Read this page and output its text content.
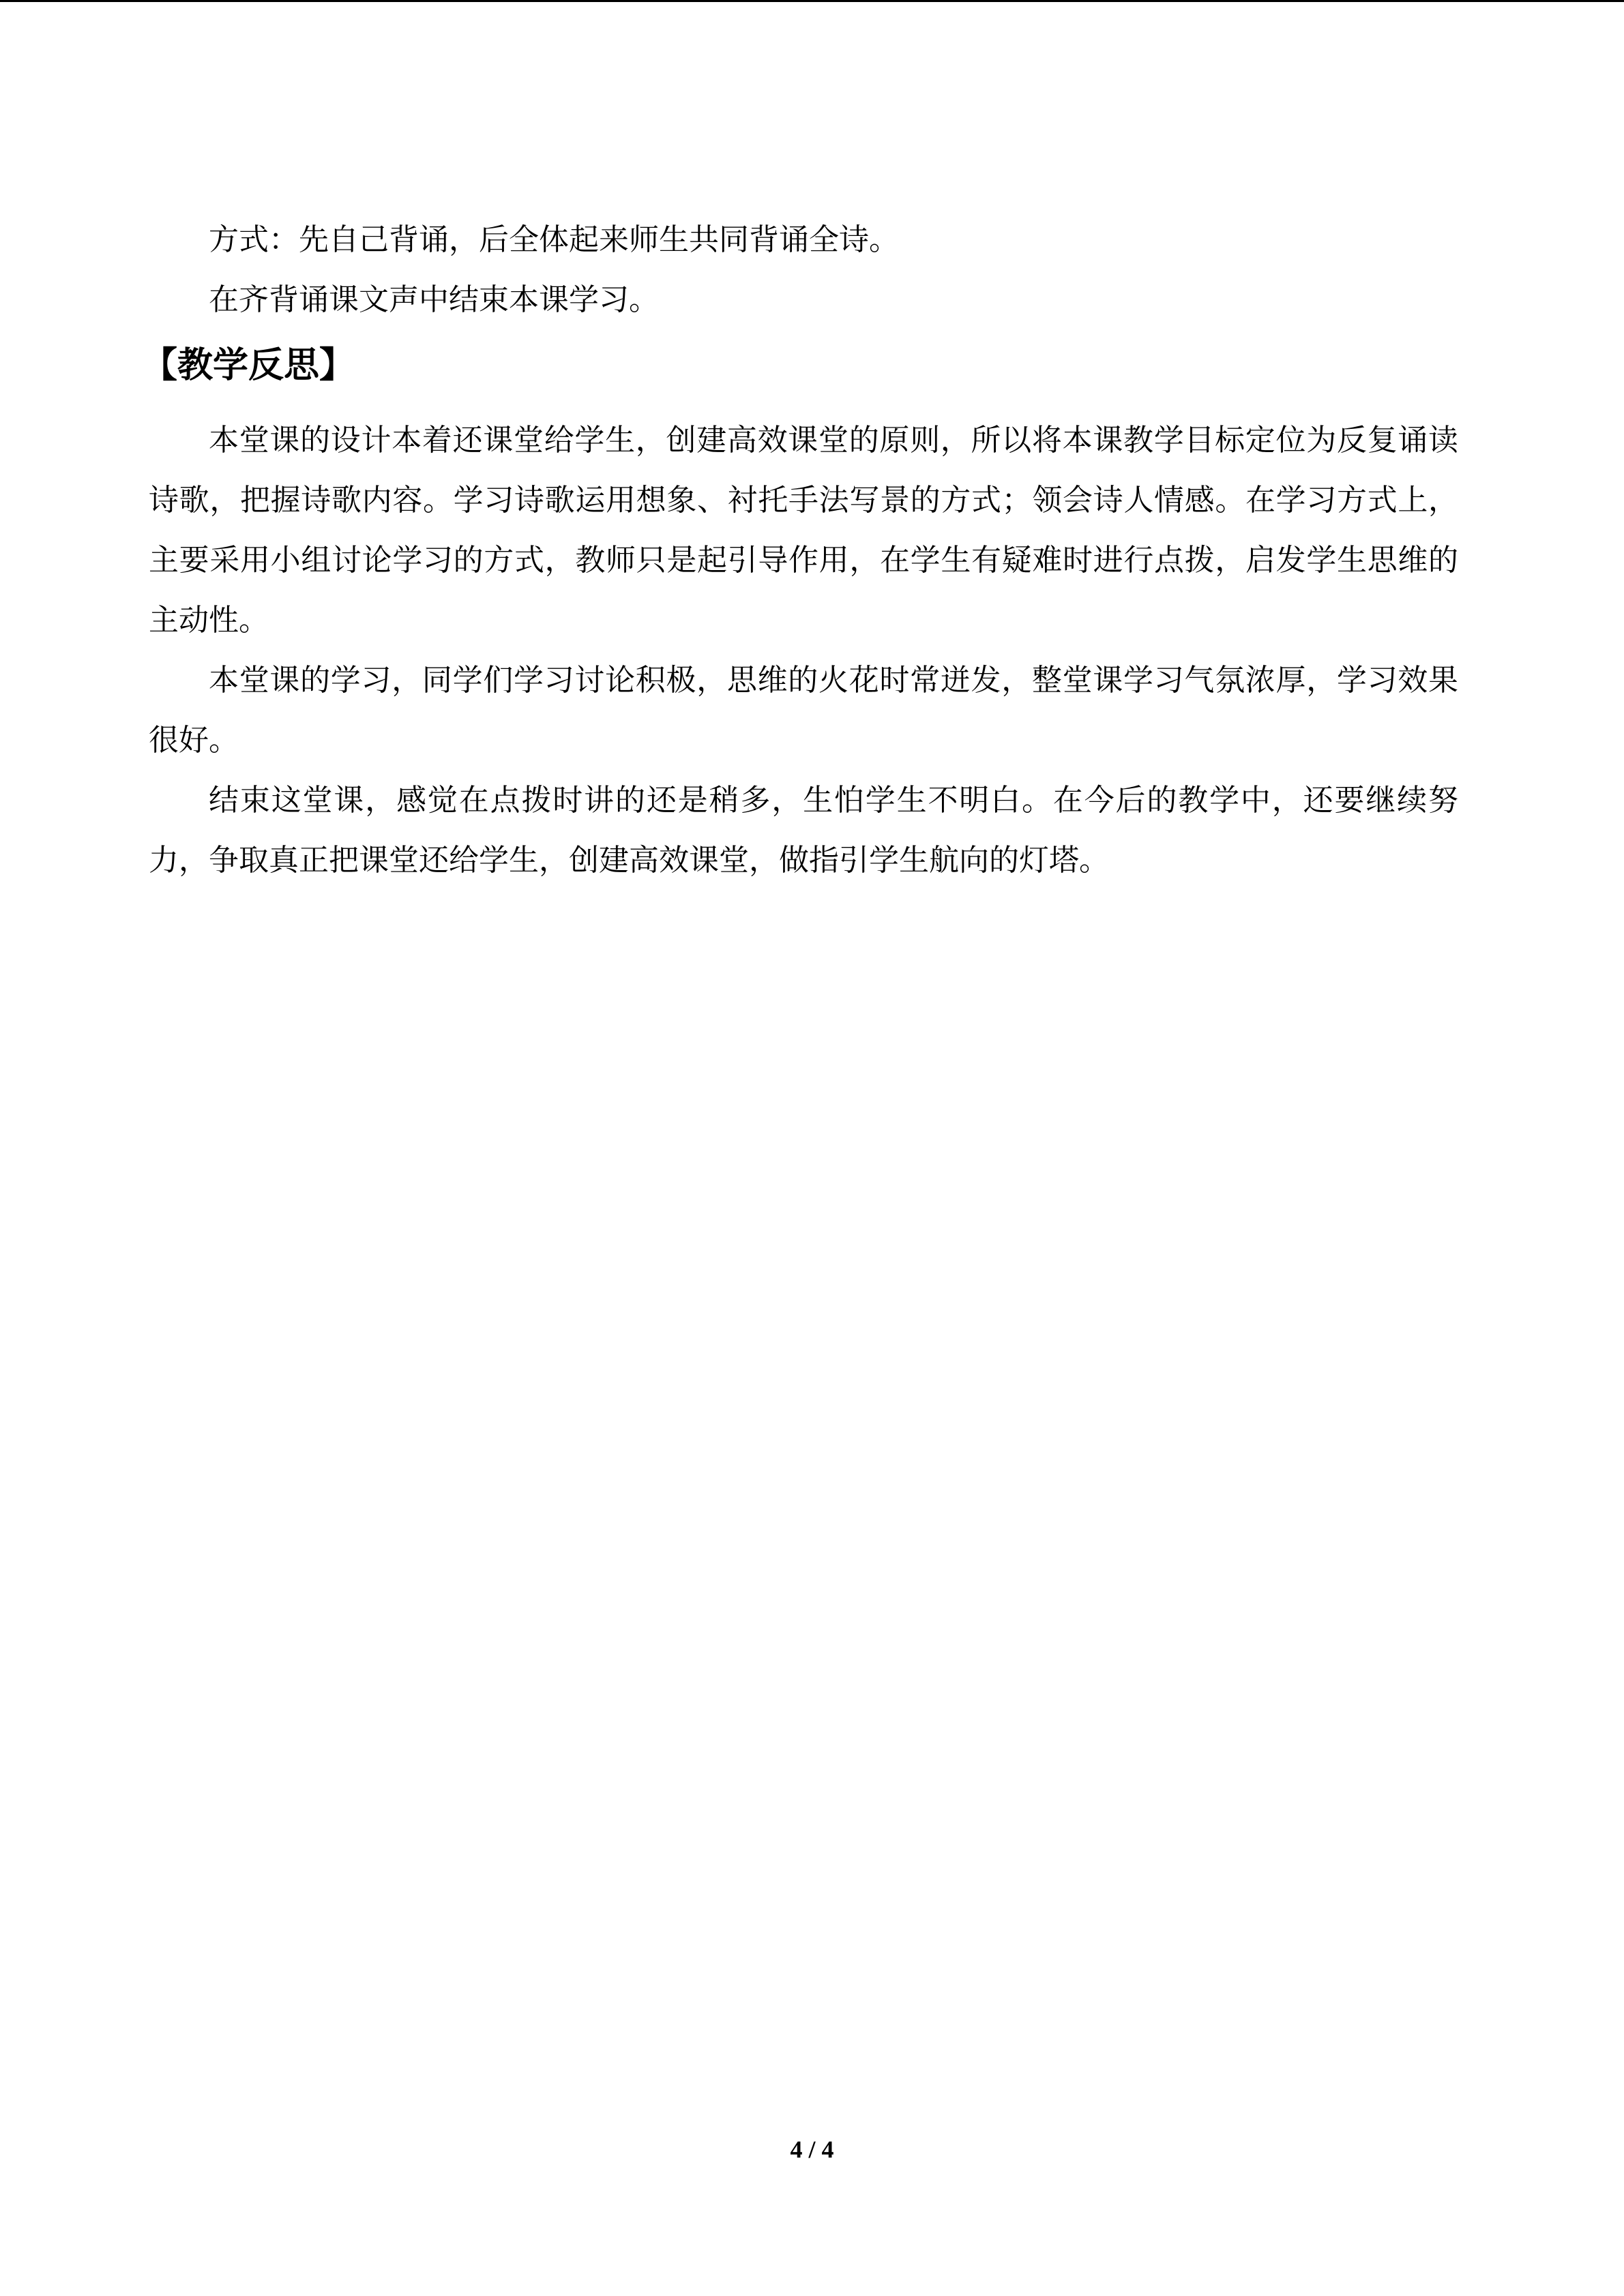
方式：先自己背诵，后全体起来师生共同背诵全诗。

在齐背诵课文声中结束本课学习。

【教学反思】

本堂课的设计本着还课堂给学生，创建高效课堂的原则，所以将本课教学目标定位为反复诵读诗歌，把握诗歌内容。学习诗歌运用想象、衬托手法写景的方式；领会诗人情感。在学习方式上，主要采用小组讨论学习的方式，教师只是起引导作用，在学生有疑难时进行点拨，启发学生思维的主动性。

本堂课的学习，同学们学习讨论积极，思维的火花时常迸发，整堂课学习气氛浓厚，学习效果很好。

结束这堂课，感觉在点拨时讲的还是稍多，生怕学生不明白。在今后的教学中，还要继续努力，争取真正把课堂还给学生，创建高效课堂，做指引学生航向的灯塔。

4 / 4
